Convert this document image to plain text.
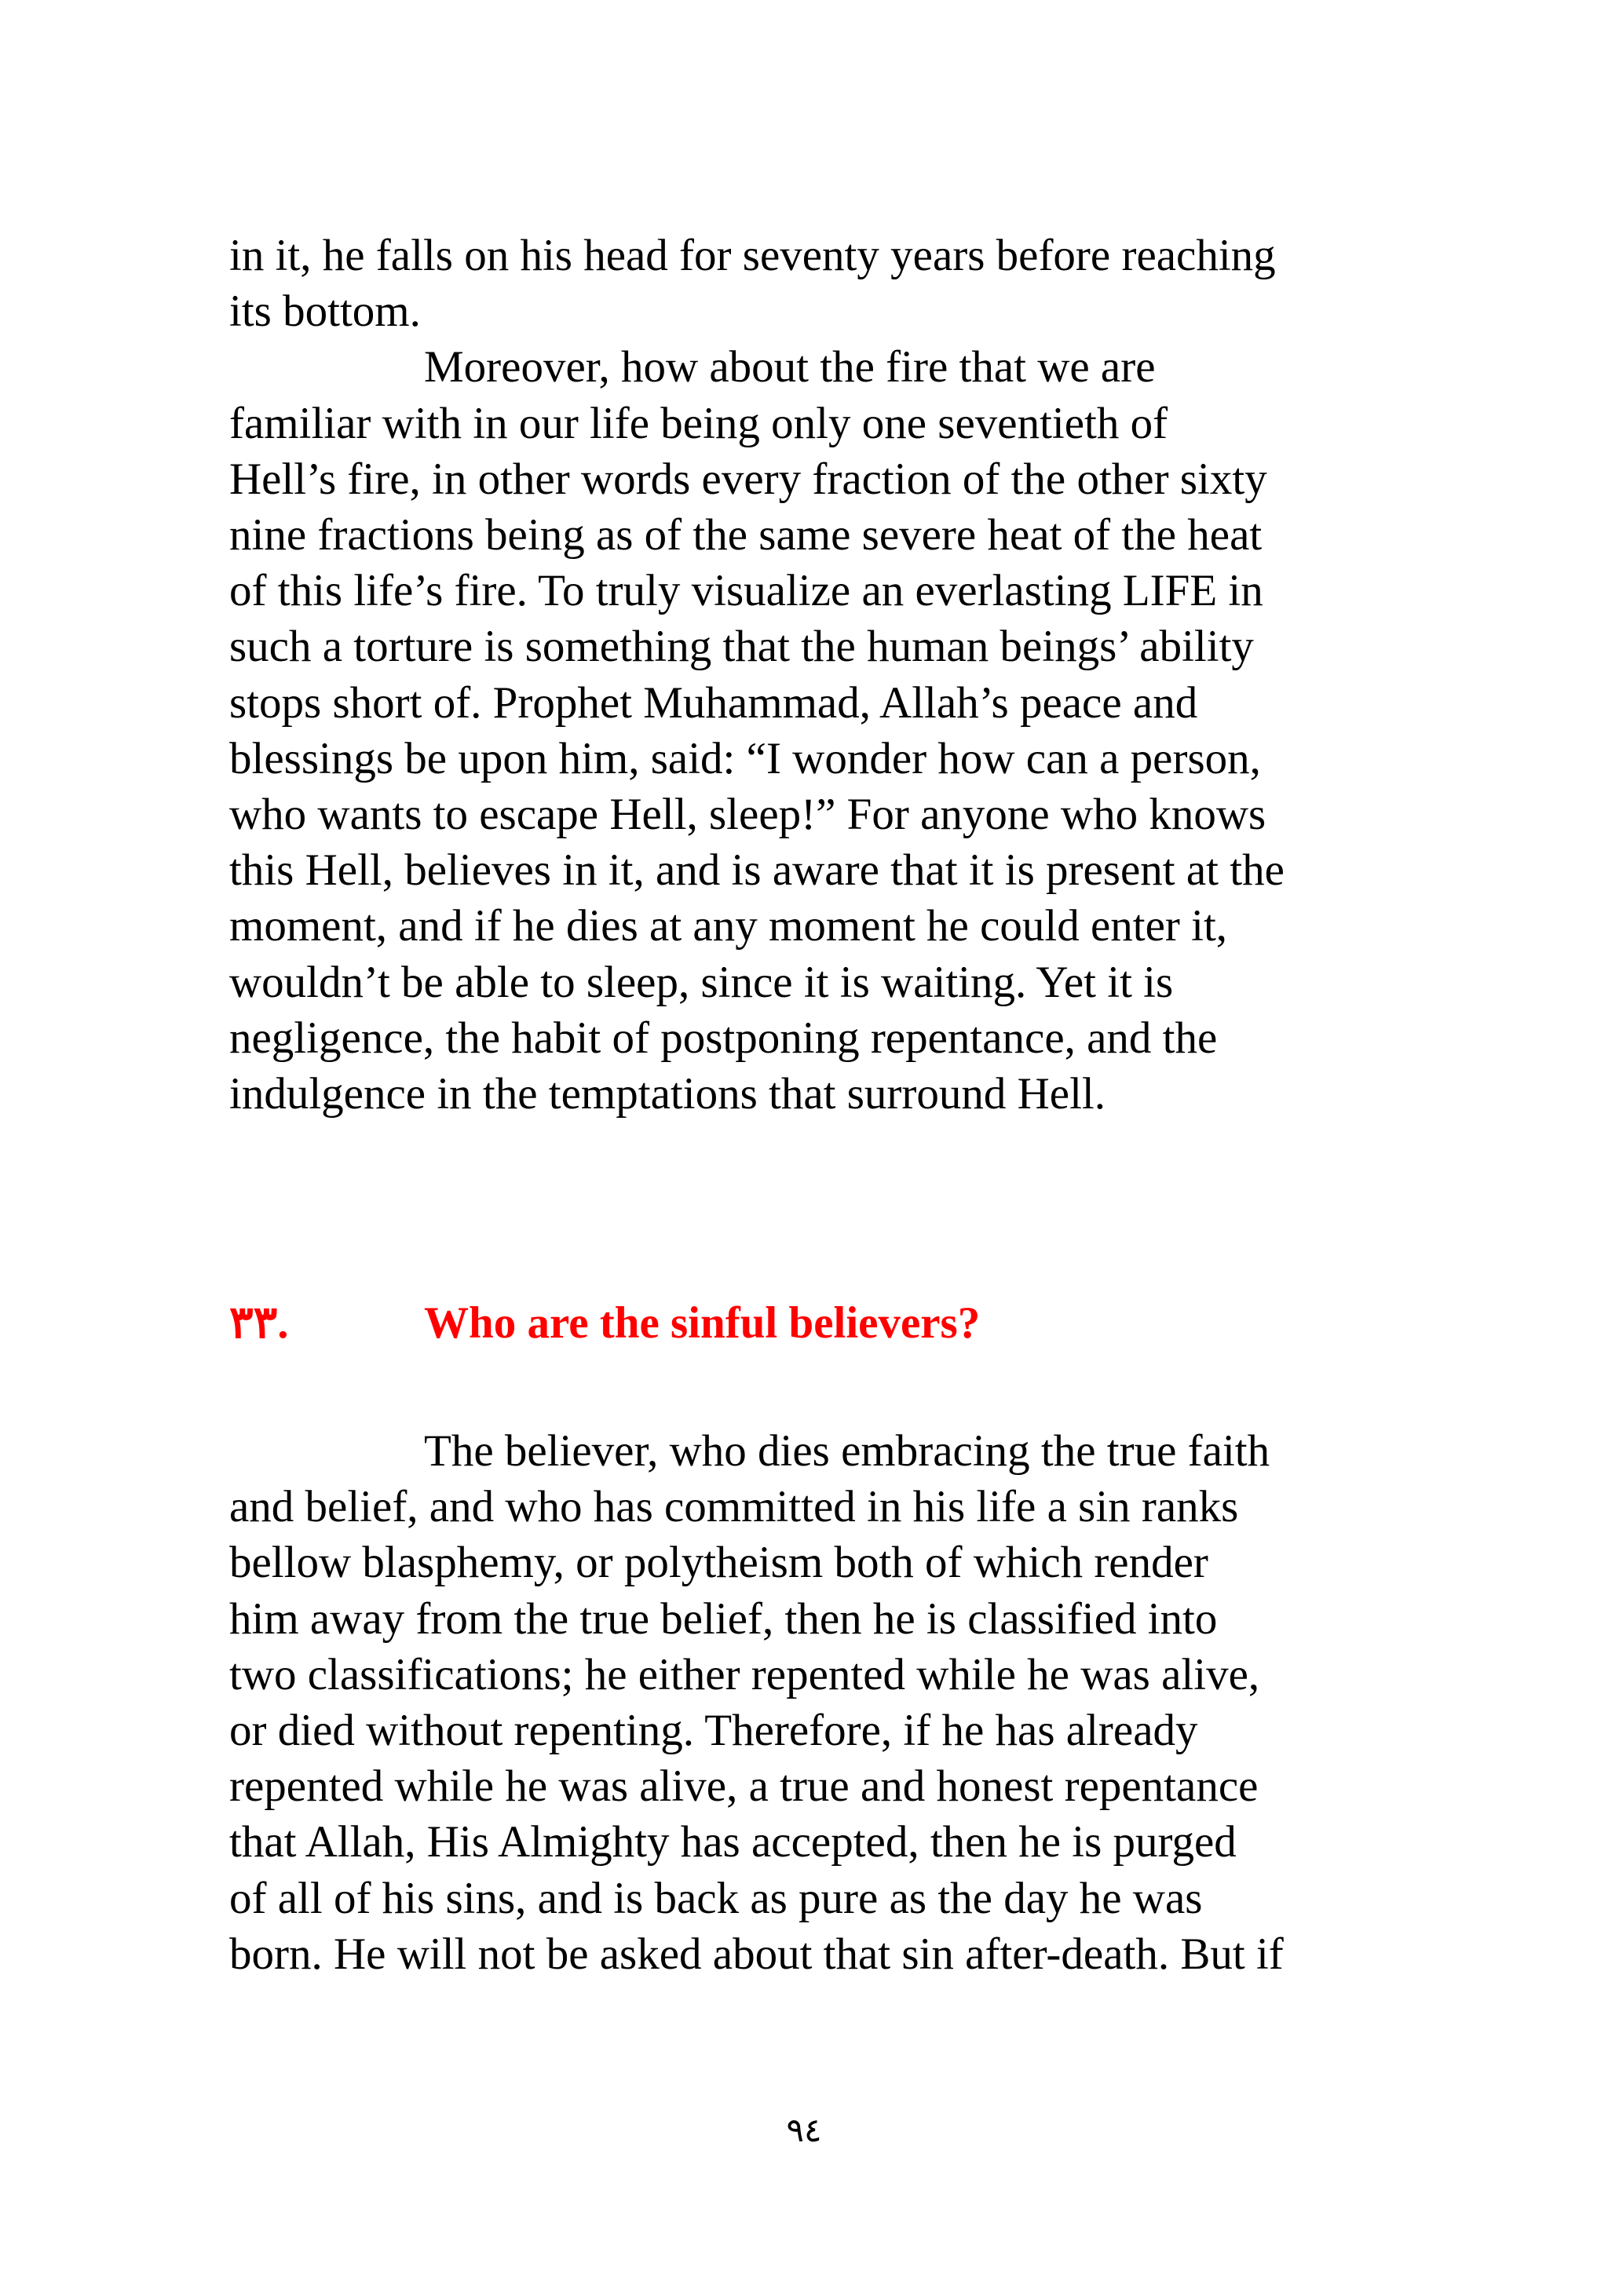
in it, he falls on his head for seventy years before reaching
its bottom.
Moreover, how about the fire that we are
familiar with in our life being only one seventieth of
Hell’s fire, in other words every fraction of the other sixty
nine fractions being as of the same severe heat of the heat
of this life’s fire. To truly visualize an everlasting LIFE in
such a torture is something that the human beings’ ability
stops short of. Prophet Muhammad, Allah’s peace and
blessings be upon him, said: “I wonder how can a person,
who wants to escape Hell, sleep!” For anyone who knows
this Hell, believes in it, and is aware that it is present at the
moment, and if he dies at any moment he could enter it,
wouldn’t be able to sleep, since it is waiting. Yet it is
negligence, the habit of postponing repentance, and the
indulgence in the temptations that surround Hell.
٣٣.	Who are the sinful believers?
The believer, who dies embracing the true faith
and belief, and who has committed in his life a sin ranks
bellow blasphemy, or polytheism both of which render
him away from the true belief, then he is classified into
two classifications; he either repented while he was alive,
or died without repenting. Therefore, if he has already
repented while he was alive, a true and honest repentance
that Allah, His Almighty has accepted, then he is purged
of all of his sins, and is back as pure as the day he was
born. He will not be asked about that sin after-death. But if
٩٤
